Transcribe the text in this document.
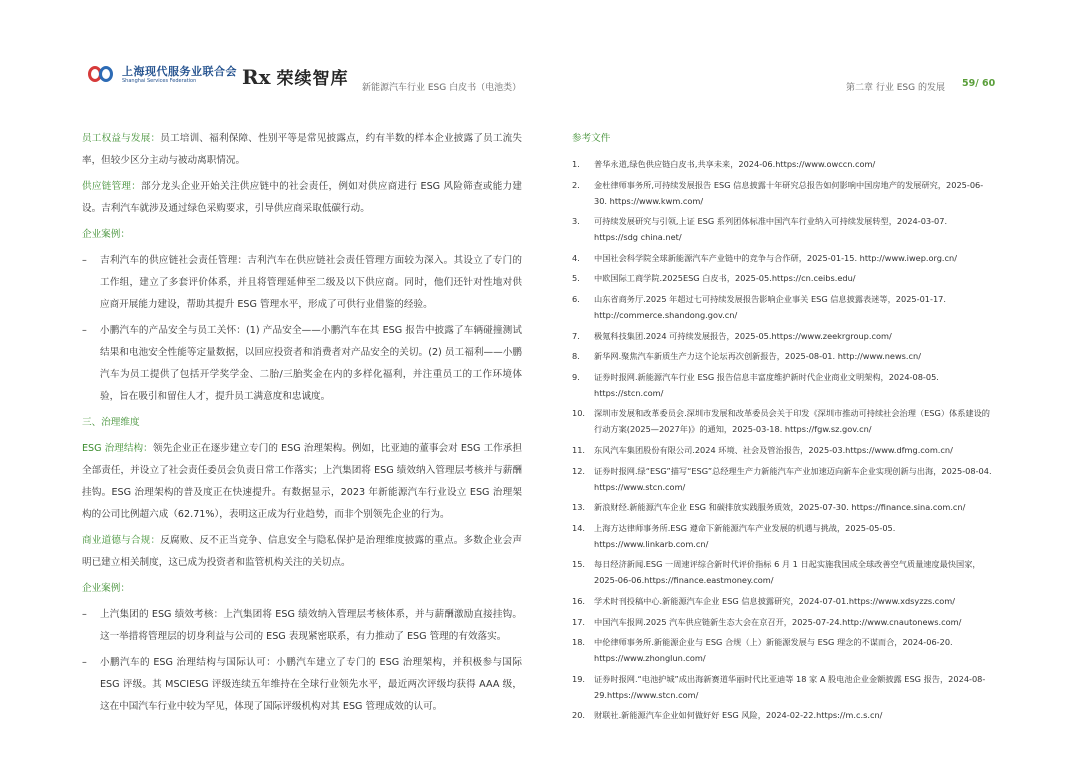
上海现代服务业联合会
Shanghai Services Federation	Rx 荣续智库 新能源汽车行业 ESG 白皮书（电池类）	第二章 行业 ESG 的发展 59/ 60

员工权益与发展：员工培训、福利保障、性别平等是常见披露点，约有半数的样本企业披露了员工流失率，但较少区分主动与被动离职情况。

供应链管理：部分龙头企业开始关注供应链中的社会责任，例如对供应商进行 ESG 风险筛查或能力建设。吉利汽车就涉及通过绿色采购要求，引导供应商采取低碳行动。

企业案例：

–	吉利汽车的供应链社会责任管理：吉利汽车在供应链社会责任管理方面较为深入。其设立了专门的工作组，建立了多套评价体系，并且将管理延伸至二级及以下供应商。同时，他们还针对性地对供应商开展能力建设，帮助其提升 ESG 管理水平，形成了可供行业借鉴的经验。
–	小鹏汽车的产品安全与员工关怀：(1) 产品安全——小鹏汽车在其 ESG 报告中披露了车辆碰撞测试结果和电池安全性能等定量数据，以回应投资者和消费者对产品安全的关切。(2) 员工福利——小鹏汽车为员工提供了包括开学奖学金、二胎/三胎奖金在内的多样化福利，并注重员工的工作环境体验，旨在吸引和留住人才，提升员工满意度和忠诚度。

三、治理维度

ESG 治理结构：领先企业正在逐步建立专门的 ESG 治理架构。例如，比亚迪的董事会对 ESG 工作承担全部责任，并设立了社会责任委员会负责日常工作落实；上汽集团将 ESG 绩效纳入管理层考核并与薪酬挂钩。ESG 治理架构的普及度正在快速提升。有数据显示，2023 年新能源汽车行业设立 ESG 治理架构的公司比例超六成（62.71%），表明这正成为行业趋势，而非个别领先企业的行为。

商业道德与合规：反腐败、反不正当竞争、信息安全与隐私保护是治理维度披露的重点。多数企业会声明已建立相关制度，这已成为投资者和监管机构关注的关切点。

企业案例：

–	上汽集团的 ESG 绩效考核：上汽集团将 ESG 绩效纳入管理层考核体系，并与薪酬激励直接挂钩。这一举措将管理层的切身利益与公司的 ESG 表现紧密联系，有力推动了 ESG 管理的有效落实。
–	小鹏汽车的 ESG 治理结构与国际认可：小鹏汽车建立了专门的 ESG 治理架构，并积极参与国际 ESG 评级。其 MSCIESG 评级连续五年维持在全球行业领先水平，最近两次评级均获得 AAA 级，这在中国汽车行业中较为罕见，体现了国际评级机构对其 ESG 管理成效的认可。
参考文件
1.	普华永道,绿色供应链白皮书,共享未来，2024-06.https://www.owccn.com/
2.	金杜律师事务所,可持续发展报告 ESG 信息披露十年研究总报告如何影响中国房地产的发展研究，2025-06-30. https://www.kwm.com/
3.	可持续发展研究与引领,上证 ESG 系列团体标准中国汽车行业纳入可持续发展转型，2024-03-07. https://sdg china.net/
4.	中国社会科学院全球新能源汽车产业链中的竞争与合作研，2025-01-15. http://www.iwep.org.cn/
5.	中欧国际工商学院.2025ESG 白皮书，2025-05.https://cn.ceibs.edu/
6.	山东省商务厅.2025 年超过七可持续发展报告影响企业事关 ESG 信息披露表迷等，2025-01-17. http://commerce.shandong.gov.cn/
7.	极氪科技集团.2024 可持续发展报告，2025-05.https://www.zeekrgroup.com/
8.	新华网.聚焦汽车新质生产力这个论坛再次创新报告，2025-08-01. http://www.news.cn/
9.	证券时报网.新能源汽车行业 ESG 报告信息丰富度维护新时代企业商业文明架构，2024-08-05. https://stcn.com/
10.	深圳市发展和改革委员会.深圳市发展和改革委员会关于印发《深圳市推动可持续社会治理（ESG）体系建设的行动方案(2025—2027年)》的通知，2025-03-18. https://fgw.sz.gov.cn/
11.	东风汽车集团股份有限公司.2024 环境、社会及管治报告，2025-03.https://www.dfmg.com.cn/
12.	证券时报网.绿“ESG”描写“ESG”总经理生产力新能汽车产业加速迈向新车企业实现创新与出海，2025-08-04. https://www.stcn.com/
13.	新浪财经.新能源汽车企业 ESG 和碳排放实践服务质效，2025-07-30. https://finance.sina.com.cn/
14.	上海方达律师事务所.ESG 遵命下新能源汽车产业发展的机遇与挑战，2025-05-05. https://www.linkarb.com.cn/
15.	每日经济新闻.ESG 一周速评综合新时代评价指标 6 月 1 日起实施我国成全球改善空气质量速度最快国家，2025-06-06.https://finance.eastmoney.com/
16.	学术时刊投稿中心.新能源汽车企业 ESG 信息披露研究，2024-07-01.https://www.xdsyzzs.com/
17.	中国汽车报网.2025 汽车供应链新生态大会在京召开，2025-07-24.http://www.cnautonews.com/
18.	中伦律师事务所.新能源企业与 ESG 合规（上）新能源发展与 ESG 理念的不谋而合，2024-06-20. https://www.zhonglun.com/
19.	证券时报网.“电池护城”成出海新赛道华丽时代比亚迪等 18 家 A 股电池企业金额披露 ESG 报告，2024-08-29.https://www.stcn.com/
20.	财联社.新能源汽车企业如何做好好 ESG 风险，2024-02-22.https://m.c.s.cn/
